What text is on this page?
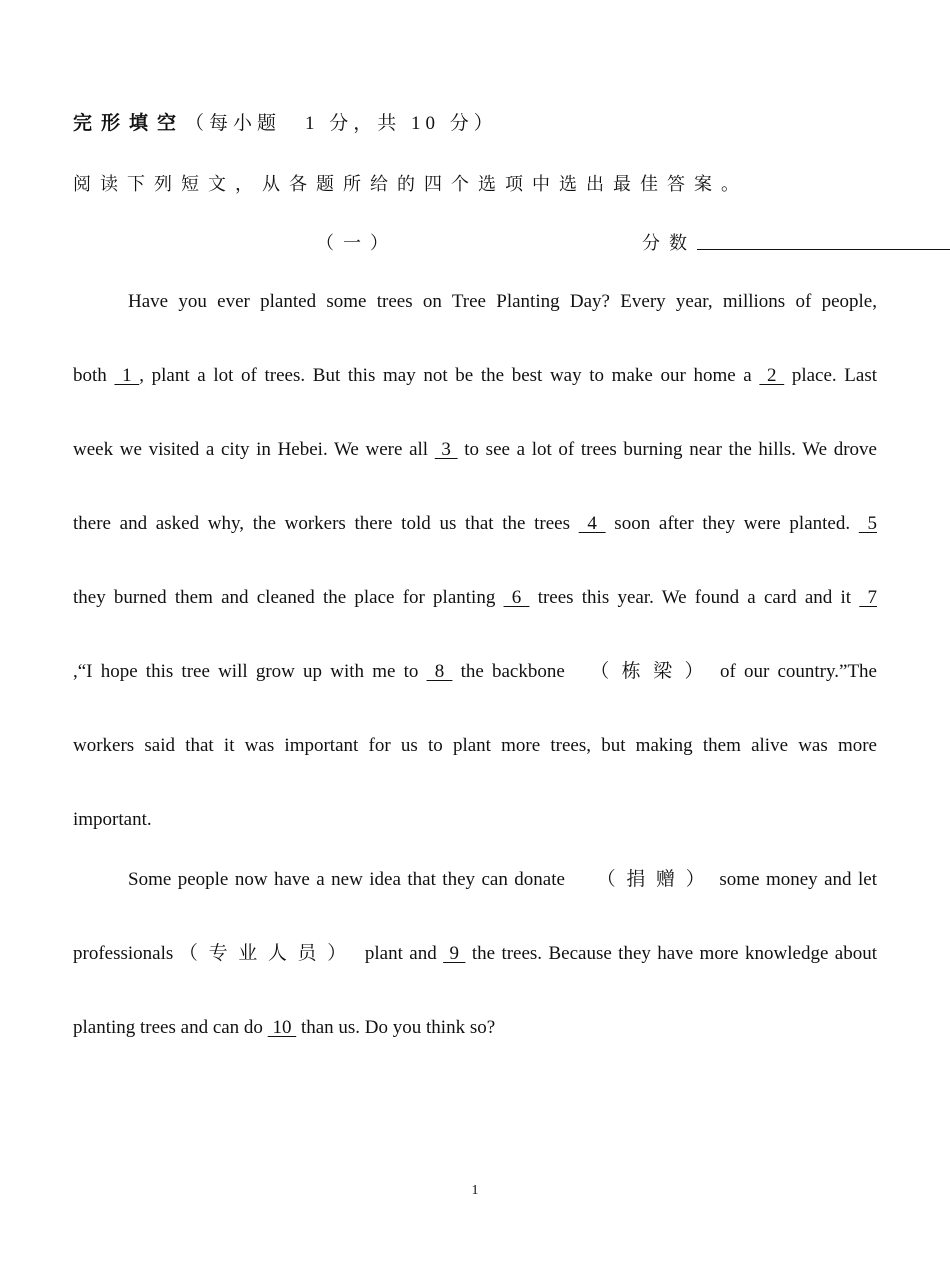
完形填空（每小题　1 分，共 10 分）
阅读下列短文，从各题所给的四个选项中选出最佳答案。
（一）	分数
Have you ever planted some trees on Tree Planting Day? Every year, millions of people,
both  1 , plant a lot of trees. But this may not be the best way to make our home a  2  place. Last
week we visited a city in Hebei. We were all  3  to see a lot of trees burning near the hills. We drove
there and asked why, the workers there told us that the trees  4  soon after they were planted.  5
they burned them and cleaned the place for planting  6  trees this year. We found a card and it  7
,“I hope this tree will grow up with me to  8  the backbone （栋梁） of our country.”The
workers said that it was important for us to plant more trees, but making them alive was more
important.
Some people now have a new idea that they can donate （捐赠） some money and let
professionals （专业人员） plant and  9  the trees. Because they have more knowledge about
planting trees and can do  10  than us. Do you think so?
1
